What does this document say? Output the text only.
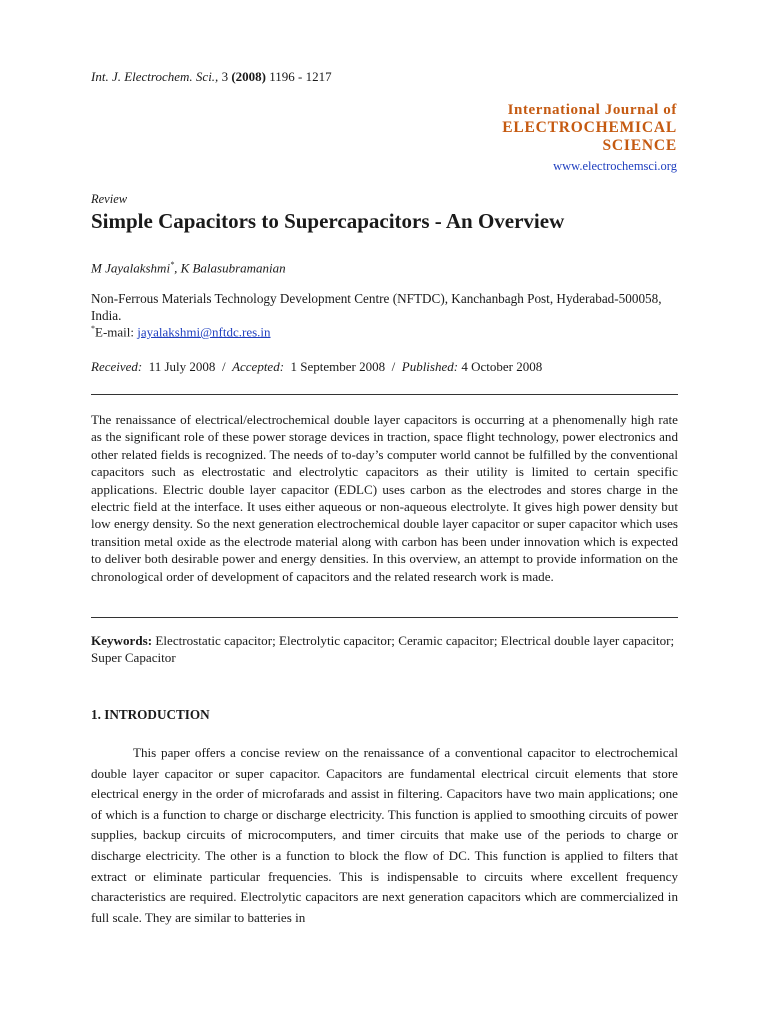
Int. J. Electrochem. Sci., 3 (2008) 1196 - 1217
International Journal of
ELECTROCHEMICAL
SCIENCE
www.electrochemsci.org
Review
Simple Capacitors to Supercapacitors - An Overview
M Jayalakshmi*, K Balasubramanian
Non-Ferrous Materials Technology Development Centre (NFTDC), Kanchanbagh Post, Hyderabad-500058, India.
*E-mail: jayalakshmi@nftdc.res.in
Received: 11 July 2008 / Accepted: 1 September 2008 / Published: 4 October 2008
The renaissance of electrical/electrochemical double layer capacitors is occurring at a phenomenally high rate as the significant role of these power storage devices in traction, space flight technology, power electronics and other related fields is recognized. The needs of to-day’s computer world cannot be fulfilled by the conventional capacitors such as electrostatic and electrolytic capacitors as their utility is limited to certain specific applications. Electric double layer capacitor (EDLC) uses carbon as the electrodes and stores charge in the electric field at the interface. It uses either aqueous or non-aqueous electrolyte. It gives high power density but low energy density. So the next generation electrochemical double layer capacitor or super capacitor which uses transition metal oxide as the electrode material along with carbon has been under innovation which is expected to deliver both desirable power and energy densities. In this overview, an attempt to provide information on the chronological order of development of capacitors and the related research work is made.
Keywords: Electrostatic capacitor; Electrolytic capacitor; Ceramic capacitor; Electrical double layer capacitor; Super Capacitor
1. INTRODUCTION
This paper offers a concise review on the renaissance of a conventional capacitor to electrochemical double layer capacitor or super capacitor. Capacitors are fundamental electrical circuit elements that store electrical energy in the order of microfarads and assist in filtering. Capacitors have two main applications; one of which is a function to charge or discharge electricity. This function is applied to smoothing circuits of power supplies, backup circuits of microcomputers, and timer circuits that make use of the periods to charge or discharge electricity. The other is a function to block the flow of DC. This function is applied to filters that extract or eliminate particular frequencies. This is indispensable to circuits where excellent frequency characteristics are required. Electrolytic capacitors are next generation capacitors which are commercialized in full scale. They are similar to batteries in
